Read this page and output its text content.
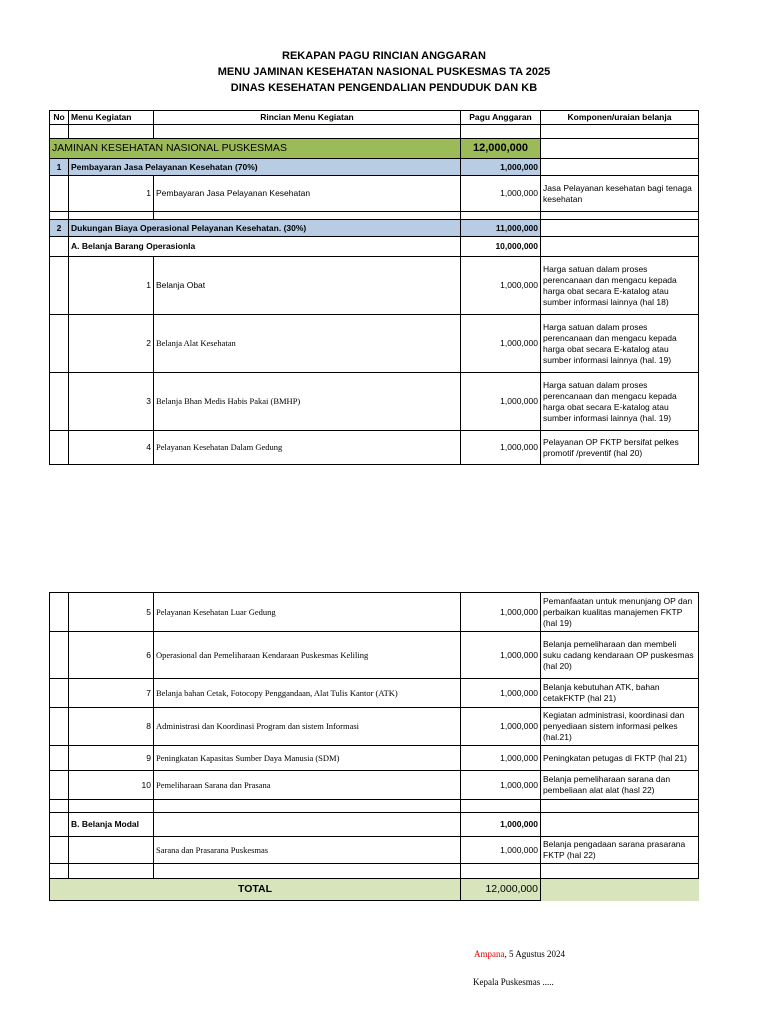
REKAPAN PAGU RINCIAN ANGGARAN
MENU JAMINAN KESEHATAN NASIONAL PUSKESMAS TA 2025
DINAS KESEHATAN PENGENDALIAN PENDUDUK DAN KB
No	Menu Kegiatan	Rincian Menu Kegiatan	Pagu Anggaran	Komponen/uraian belanja

JAMINAN KESEHATAN NASIONAL PUSKESMAS			12,000,000	
1	Pembayaran Jasa Pelayanan Kesehatan (70%)		1,000,000	
	1	Pembayaran Jasa Pelayanan Kesehatan	1,000,000	Jasa Pelayanan kesehatan bagi tenaga kesehatan

2	Dukungan Biaya Operasional Pelayanan Kesehatan. (30%)		11,000,000	
	A. Belanja Barang Operasionla		10,000,000	
	1	Belanja Obat	1,000,000	Harga satuan dalam proses perencanaan dan mengacu kepada harga obat secara E-katalog atau sumber informasi lainnya (hal 18)
	2	Belanja Alat Kesehatan	1,000,000	Harga satuan dalam proses perencanaan dan mengacu kepada harga obat secara E-katalog atau sumber informasi lainnya (hal. 19)
	3	Belanja Bhan Medis Habis Pakai (BMHP)	1,000,000	Harga satuan dalam proses perencanaan dan mengacu kepada harga obat secara E-katalog atau sumber informasi lainnya (hal. 19)
	4	Pelayanan Kesehatan Dalam Gedung	1,000,000	Pelayanan OP FKTP bersifat pelkes promotif /preventif (hal 20)
	5	Pelayanan Kesehatan Luar Gedung	1,000,000	Pemanfaatan untuk menunjang OP dan perbaikan kualitas manajemen FKTP (hal 19)
	6	Operasional dan Pemeliharaan Kendaraan Puskesmas Keliling	1,000,000	Belanja pemeliharaan dan membeli suku cadang kendaraan OP puskesmas (hal 20)
	7	Belanja bahan Cetak, Fotocopy Penggandaan, Alat Tulis Kantor (ATK)	1,000,000	Belanja kebutuhan ATK, bahan cetakFKTP (hal 21)
	8	Administrasi dan Koordinasi Program dan sistem Informasi	1,000,000	Kegiatan administrasi, koordinasi dan penyediaan sistem informasi pelkes (hal.21)
	9	Peningkatan Kapasitas Sumber Daya Manusia (SDM)	1,000,000	Peningkatan petugas di FKTP (hal 21)
	10	Pemeliharaan Sarana dan Prasana	1,000,000	Belanja pemeliharaan sarana dan pembeliaan alat alat (hasl 22)

	B. Belanja Modal		1,000,000	
		Sarana dan Prasarana Puskesmas	1,000,000	Belanja pengadaan sarana prasarana FKTP (hal 22)

TOTAL			12,000,000	
Ampana, 5 Agustus 2024
Kepala Puskesmas .....
